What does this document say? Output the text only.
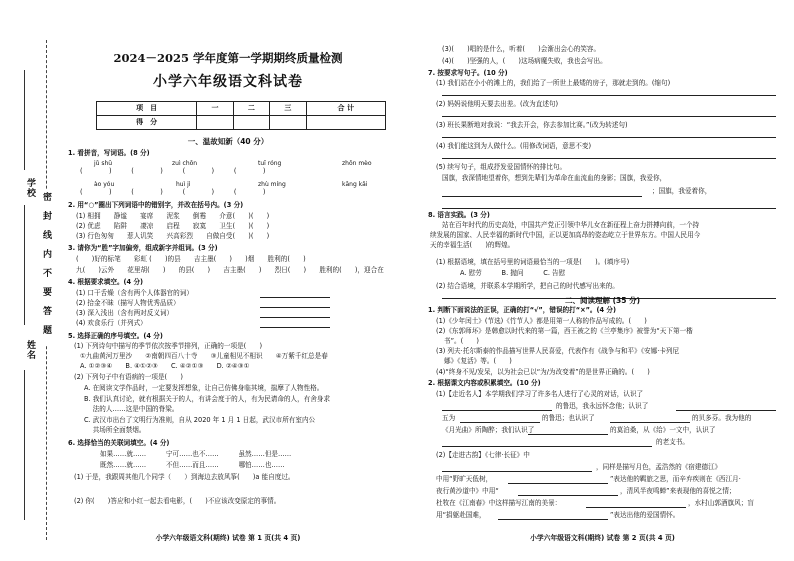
学校
姓名
密封线内不要答题
2024－2025 学年度第一学期期终质量检测
小学六年级语文科试卷
项　目	一	二	三	合 计
得　分				
一、温故知新（40 分）
1. 看拼音，写词语。(8 分)
jǔ shū	zuì chōn	tuī róng	zhōn mèo
(　　　　)　　　(　　　　)　　　(　　　　)　　　(　　　　)
ào yóu	huì jì	zhù míng	kāng kǎi
(　　　　)　　　(　　　　)　　　(　　　　)　　　(　　　　)
2. 用“○”圈出下列词语中的错别字，并改在括号内。(3 分)
(1) 相拥　　静谧　　宴席　　泥浆　　倒霉　　介意(　　)(　　)
(2) 优虑　　陷阱　　凄凉　　启程　　寂寞　　卫生(　　)(　　)
(3) 行色匆匆　　惹人讥笑　　兴高彩烈　　自做自受(　　)(　　)
3. 请你为“胜”字加偏旁，组成新字并组词。(3 分)
(　　)好的标笔　　彩虹 (　　)的县　　吉主墨(　　)　　)烟　　胜利的(　　)
九(　　)云外　　花里胡(　　)　　的县(　　)　　吉主墨(　　)　　烈日(　　)　　胜利的(　　)，迎合在
4. 根据要求填空。(4 分)
(1) 口干舌燥（含有两个人体器官的词）
(2) 拾金不昧（描写人物优秀品质）
(3) 深入浅出（含有两对反义词）
(4) 欢食乐行（并列式）
5. 选择正确的序号填空。(4 分)
(1) 下列诗句中描写的季节依次按季节排列，正确的一项是(　　)
①九曲黄河万里沙　　②南朝四百八十寺　　③儿童相见不相识　　④万紫千红总是春
A. ①②③④　　B. ④①②③　　C. ④②①③　　D. ②④③①
(2) 下列句子中有语病的一项是(　　)
A. 在阅读文学作品时，一定要发挥想象，让自己仿佛身临其境，揣摩了人物性格。
B. 我们认真讨论，就有根据关于的人，有讲会度于的人，有为民请命的人，有舍身求
　 法的人……这是中国的脊梁。
C. 武汉市出台了文明行为准则，自从 2020 年 1 月 1 日起，武汉市所有室内公
　 共场所全面禁烟。
6. 选择恰当的关联词填空。(4 分)
如果……就……　　　宁可……也不……　　　虽然……但是……
既然……就……　　　不但……而且……　　　哪怕……也……
(1) 于是，我跟周其他几个同学（　　）到海边去放风筝(　　)a 能自度过。
(2) 你(　　)答应和小红一起去看电影，(　　)不应该改变原定的事情。
小学六年级语文科(期终) 试卷 第 1 页(共 4 页)
(3)(　　)唱的是什么，听着(　　)会渐出会心的笑容。
(4)(　　)坚强的人，(　　)这场病魔失败，我也会写出。
7. 按要求写句子。(10 分)
(1) 我们站在小小的滩上的，我们给了一所世上最矮的房子，那就走到的。(缩句)
(2) 妈妈说他明天要去出差。(改为直述句)
(3) 班长果断地对我说：“我去开会，你去参加比赛。”(改为转述句)
(4) 我们能这到为人做什么。(用修改词语，意思不变)
(5) 续写句子，组成抒发爱国情怀的排比句。
国旗，我深情地望着你，想到先辈们为革命在血流血的身影；国旗，我爱你，
；国旗，我爱着你，
8. 语言实践。(3 分)
站在百年时代的历史高处，中国共产党正引领中华儿女在新征程上奋力拼搏向前，一个持
续发展的国家、人民幸福的新时代中国，正以更加高昂的姿态屹立于世界东方。中国人民用今
天的幸福生活(　　)的辉煌。
(1) 根据语境，填在括号里的词语最恰当的一项是(　　)。(填序号)
A. 慰劳　　　B. 抛问　　　C. 告慰
(2) 结合语境，并联系本学期所学，把自己的时代感写出来的。
二、阅读理解 (35 分)
1. 判断下面说法的正误，正确的打“√”，错误的打“×”。(4 分)
(1)《少年闰土》(节选)《竹节人》都是用第一人称的作品写成的。(　　)
(2)《东郭师坏》是韩愈以时代来的第一篇，西王被之的《兰亭集序》被誉为“天下第一楷
书”。(　　)
(3) 列夫·托尔斯泰的作品描写世界人民喜爱，代表作有《战争与和平》《安娜·卡列尼
娜》《复活》等。(　　)
(4)“终身不见/发呆，以为社会已以“为/为改变着”的是世界正确的。(　　)
2. 根据课文内容或积累填空。(10 分)
(1)【走近名人】本学期我们学习了许多名人进行了心灵的对话，认识了
的鲁迅，我永远怀念他；认识了
五为	的鲁迅；也认识了	的贝多芬。我为他的
《月光曲》所陶醉；我们认识了	的莫泊桑，从《给》一文中，认识了
的老支书。
(2)【走进古韵】《七律·长征》中
，同样是描写月色，孟浩然的《宿建德江》
中用“野旷天低树，	”表达他的羁旅之思，而辛弃疾则在《西江月·
夜行黄沙道中》中用“	，清风半夜鸣蝉”来表现他的喜悦之情；
杜牧在《江南春》中这样描写江南的美景：	，水村山郭酒旗风；盲
用“捐躯赴国难，	”表达出他的爱国情怀。
小学六年级语文科(期终) 试卷 第 2 页(共 4 页)
